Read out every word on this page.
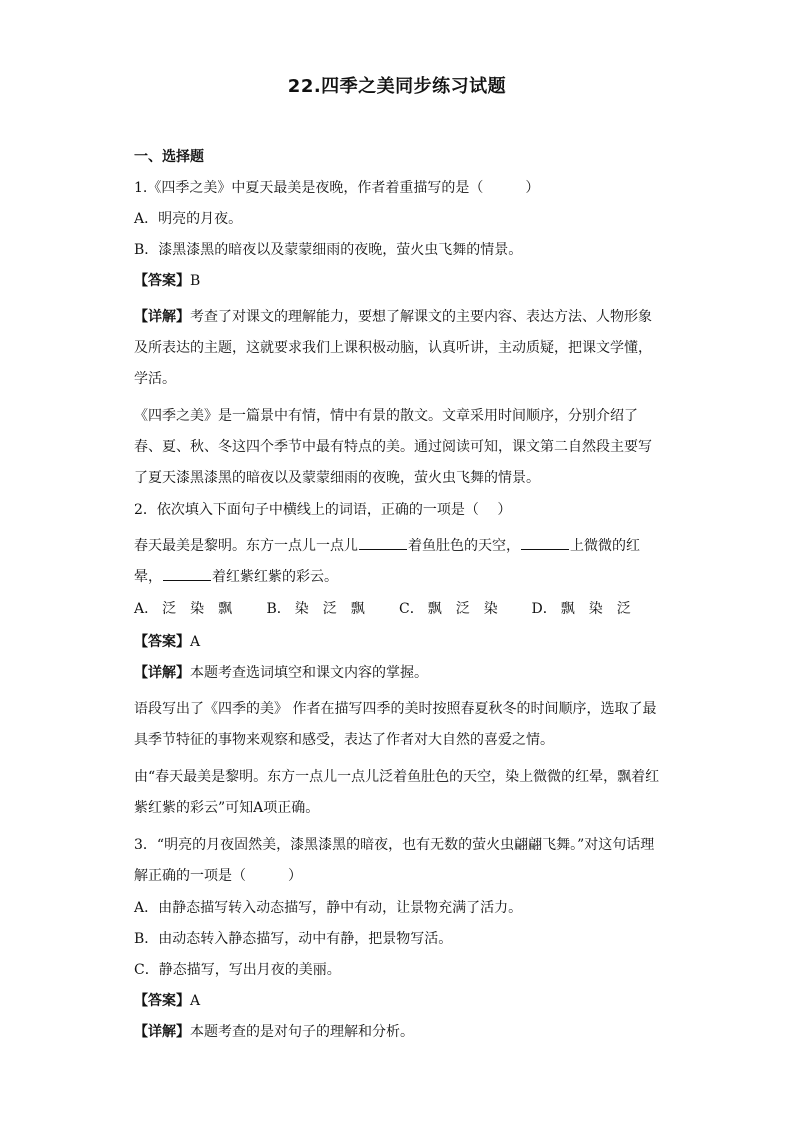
22.四季之美同步练习试题

一、选择题

1.《四季之美》中夏天最美是夜晚，作者着重描写的是（　　　）

A．明亮的月夜。

B．漆黑漆黑的暗夜以及蒙蒙细雨的夜晚，萤火虫飞舞的情景。

【答案】B

【详解】考查了对课文的理解能力，要想了解课文的主要内容、表达方法、人物形象及所表达的主题，这就要求我们上课积极动脑，认真听讲，主动质疑，把课文学懂，学活。

《四季之美》是一篇景中有情，情中有景的散文。文章采用时间顺序，分别介绍了春、夏、秋、冬这四个季节中最有特点的美。通过阅读可知，课文第二自然段主要写了夏天漆黑漆黑的暗夜以及蒙蒙细雨的夜晚，萤火虫飞舞的情景。

2．依次填入下面句子中横线上的词语，正确的一项是（　 ）

春天最美是黎明。东方一点儿一点儿	着鱼肚色的天空，	上微微的红晕，	着红紫红紫的彩云。

A． 泛 染 飘	B． 染 泛 飘	C． 飘 泛 染	D． 飘 染 泛

【答案】A

【详解】本题考查选词填空和课文内容的掌握。

语段写出了《四季的美》 作者在描写四季的美时按照春夏秋冬的时间顺序，选取了最具季节特征的事物来观察和感受，表达了作者对大自然的喜爱之情。

由“春天最美是黎明。东方一点儿一点儿泛着鱼肚色的天空，染上微微的红晕，飘着红紫红紫的彩云”可知A项正确。

3．“明亮的月夜固然美，漆黑漆黑的暗夜，也有无数的萤火虫翩翩飞舞。”对这句话理解正确的一项是（　　　）

A．由静态描写转入动态描写，静中有动，让景物充满了活力。

B．由动态转入静态描写，动中有静，把景物写活。

C．静态描写，写出月夜的美丽。

【答案】A

【详解】本题考查的是对句子的理解和分析。
